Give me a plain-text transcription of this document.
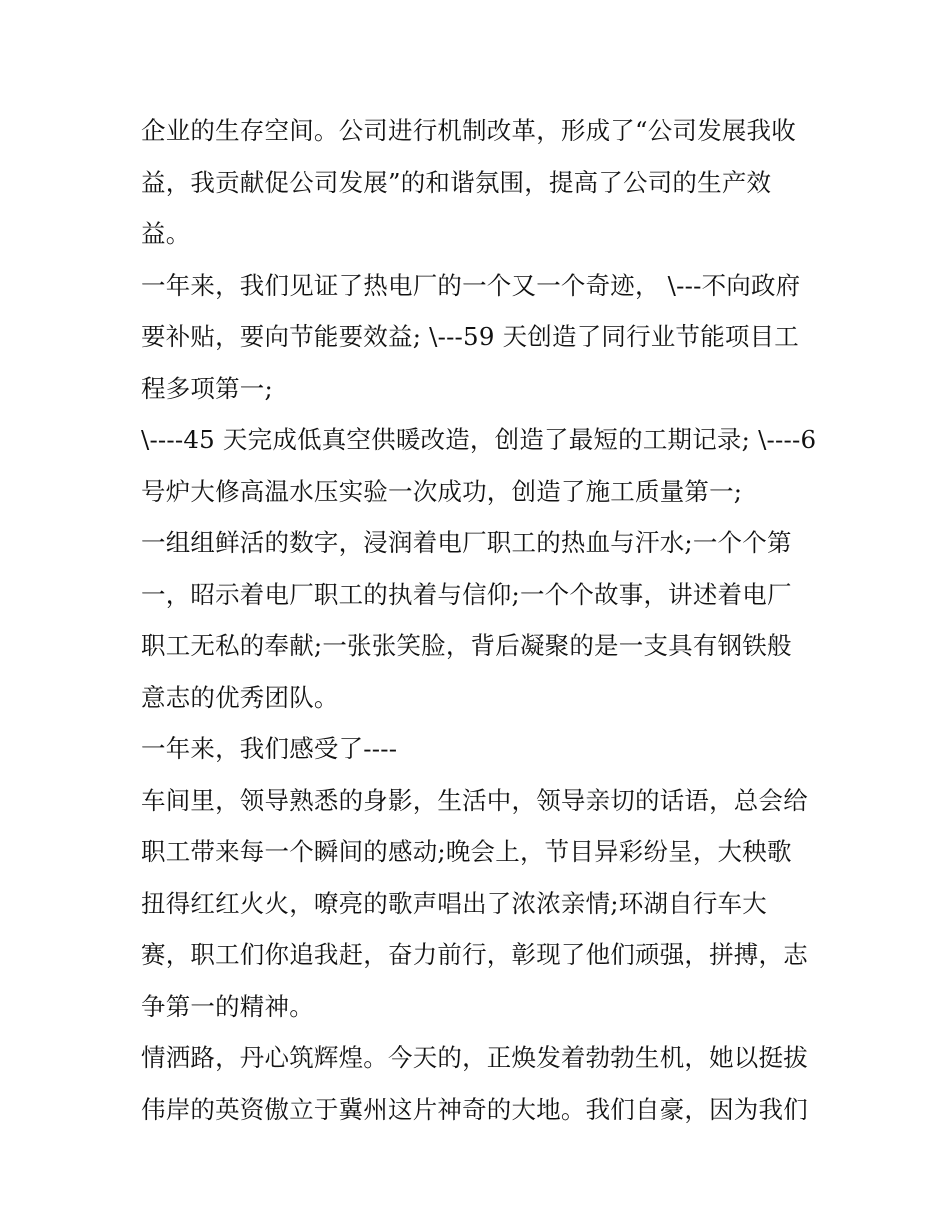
企业的生存空间。公司进行机制改革，形成了“公司发展我收
益，我贡献促公司发展”的和谐氛围，提高了公司的生产效
益。
一年来，我们见证了热电厂的一个又一个奇迹， \---不向政府
要补贴，要向节能要效益; \---59 天创造了同行业节能项目工
程多项第一;
\----45 天完成低真空供暖改造，创造了最短的工期记录; \----6
号炉大修高温水压实验一次成功，创造了施工质量第一;
一组组鲜活的数字，浸润着电厂职工的热血与汗水;一个个第
一，昭示着电厂职工的执着与信仰;一个个故事，讲述着电厂
职工无私的奉献;一张张笑脸，背后凝聚的是一支具有钢铁般
意志的优秀团队。
一年来，我们感受了----
车间里，领导熟悉的身影，生活中，领导亲切的话语，总会给
职工带来每一个瞬间的感动;晚会上，节目异彩纷呈，大秧歌
扭得红红火火，嘹亮的歌声唱出了浓浓亲情;环湖自行车大
赛，职工们你追我赶，奋力前行，彰现了他们顽强，拼搏，志
争第一的精神。
情洒路，丹心筑辉煌。今天的，正焕发着勃勃生机，她以挺拔
伟岸的英资傲立于冀州这片神奇的大地。我们自豪，因为我们
